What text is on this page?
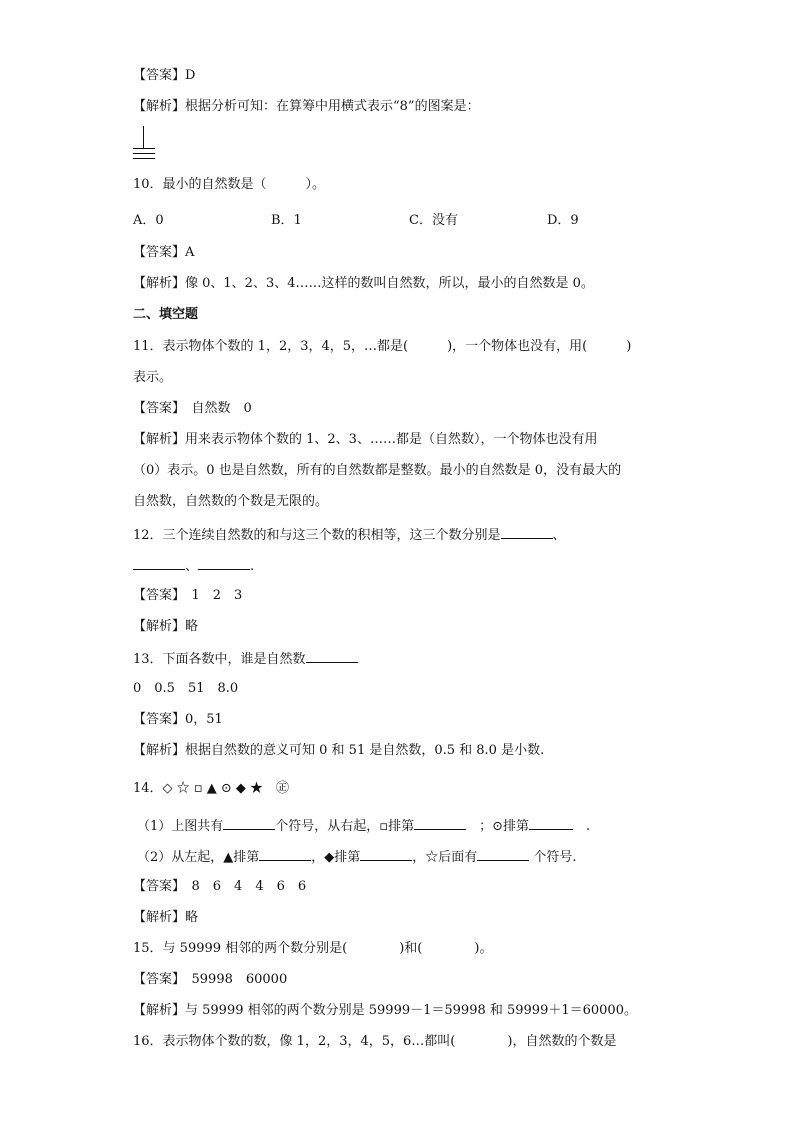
【答案】D
【解析】根据分析可知：在算筹中用横式表示“8”的图案是：
10．最小的自然数是（　　　）。
A．0	B．1	C．没有	D．9
【答案】A
【解析】像 0、1、2、3、4……这样的数叫自然数，所以，最小的自然数是 0。
二、填空题
11．表示物体个数的 1，2，3，4，5，…都是(　　　)，一个物体也没有，用(　　　)
表示。
【答案】　自然数　0
【解析】用来表示物体个数的 1、2、3、……都是（自然数），一个物体也没有用
（0）表示。0 也是自然数，所有的自然数都是整数。最小的自然数是 0，没有最大的
自然数，自然数的个数是无限的。
12．三个连续自然数的和与这三个数的积相等，这三个数分别是	、
、	.
【答案】　1　2　3
【解析】略
13．下面各数中，谁是自然数
0　0.5　51　8.0
【答案】0，51
【解析】根据自然数的意义可知 0 和 51 是自然数，0.5 和 8.0 是小数.
14．◇ ☆ ▫ ▲ ⊙ ◆ ★　㊣
（1）上图共有	个符号，从右起，▫排第	　；⊙排第	　.
（2）从左起，▲排第	，◆排第	，☆后面有	个符号.
【答案】　8　6　4　4　6　6
【解析】略
15．与 59999 相邻的两个数分别是(　　　　)和(　　　　)。
【答案】　59998　60000
【解析】与 59999 相邻的两个数分别是 59999－1＝59998 和 59999＋1＝60000。
16．表示物体个数的数，像 1，2，3，4，5，6…都叫(　　　　)，自然数的个数是
